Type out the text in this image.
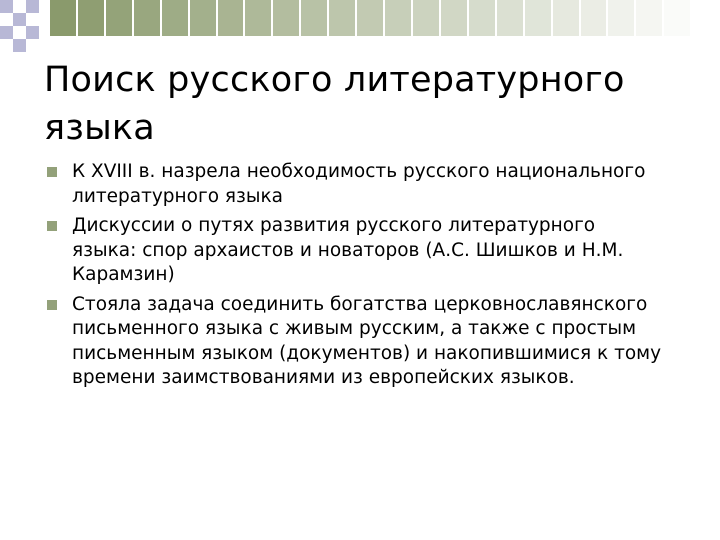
Поиск русского литературного языка
К XVIII в. назрела необходимость русского национального литературного языка
Дискуссии о путях развития русского литературного языка: спор архаистов и новаторов (А.С. Шишков и Н.М. Карамзин)
Стояла задача соединить богатства церковнославянского письменного языка с живым русским, а также с простым письменным языком (документов) и накопившимися к тому времени заимствованиями из европейских языков.
